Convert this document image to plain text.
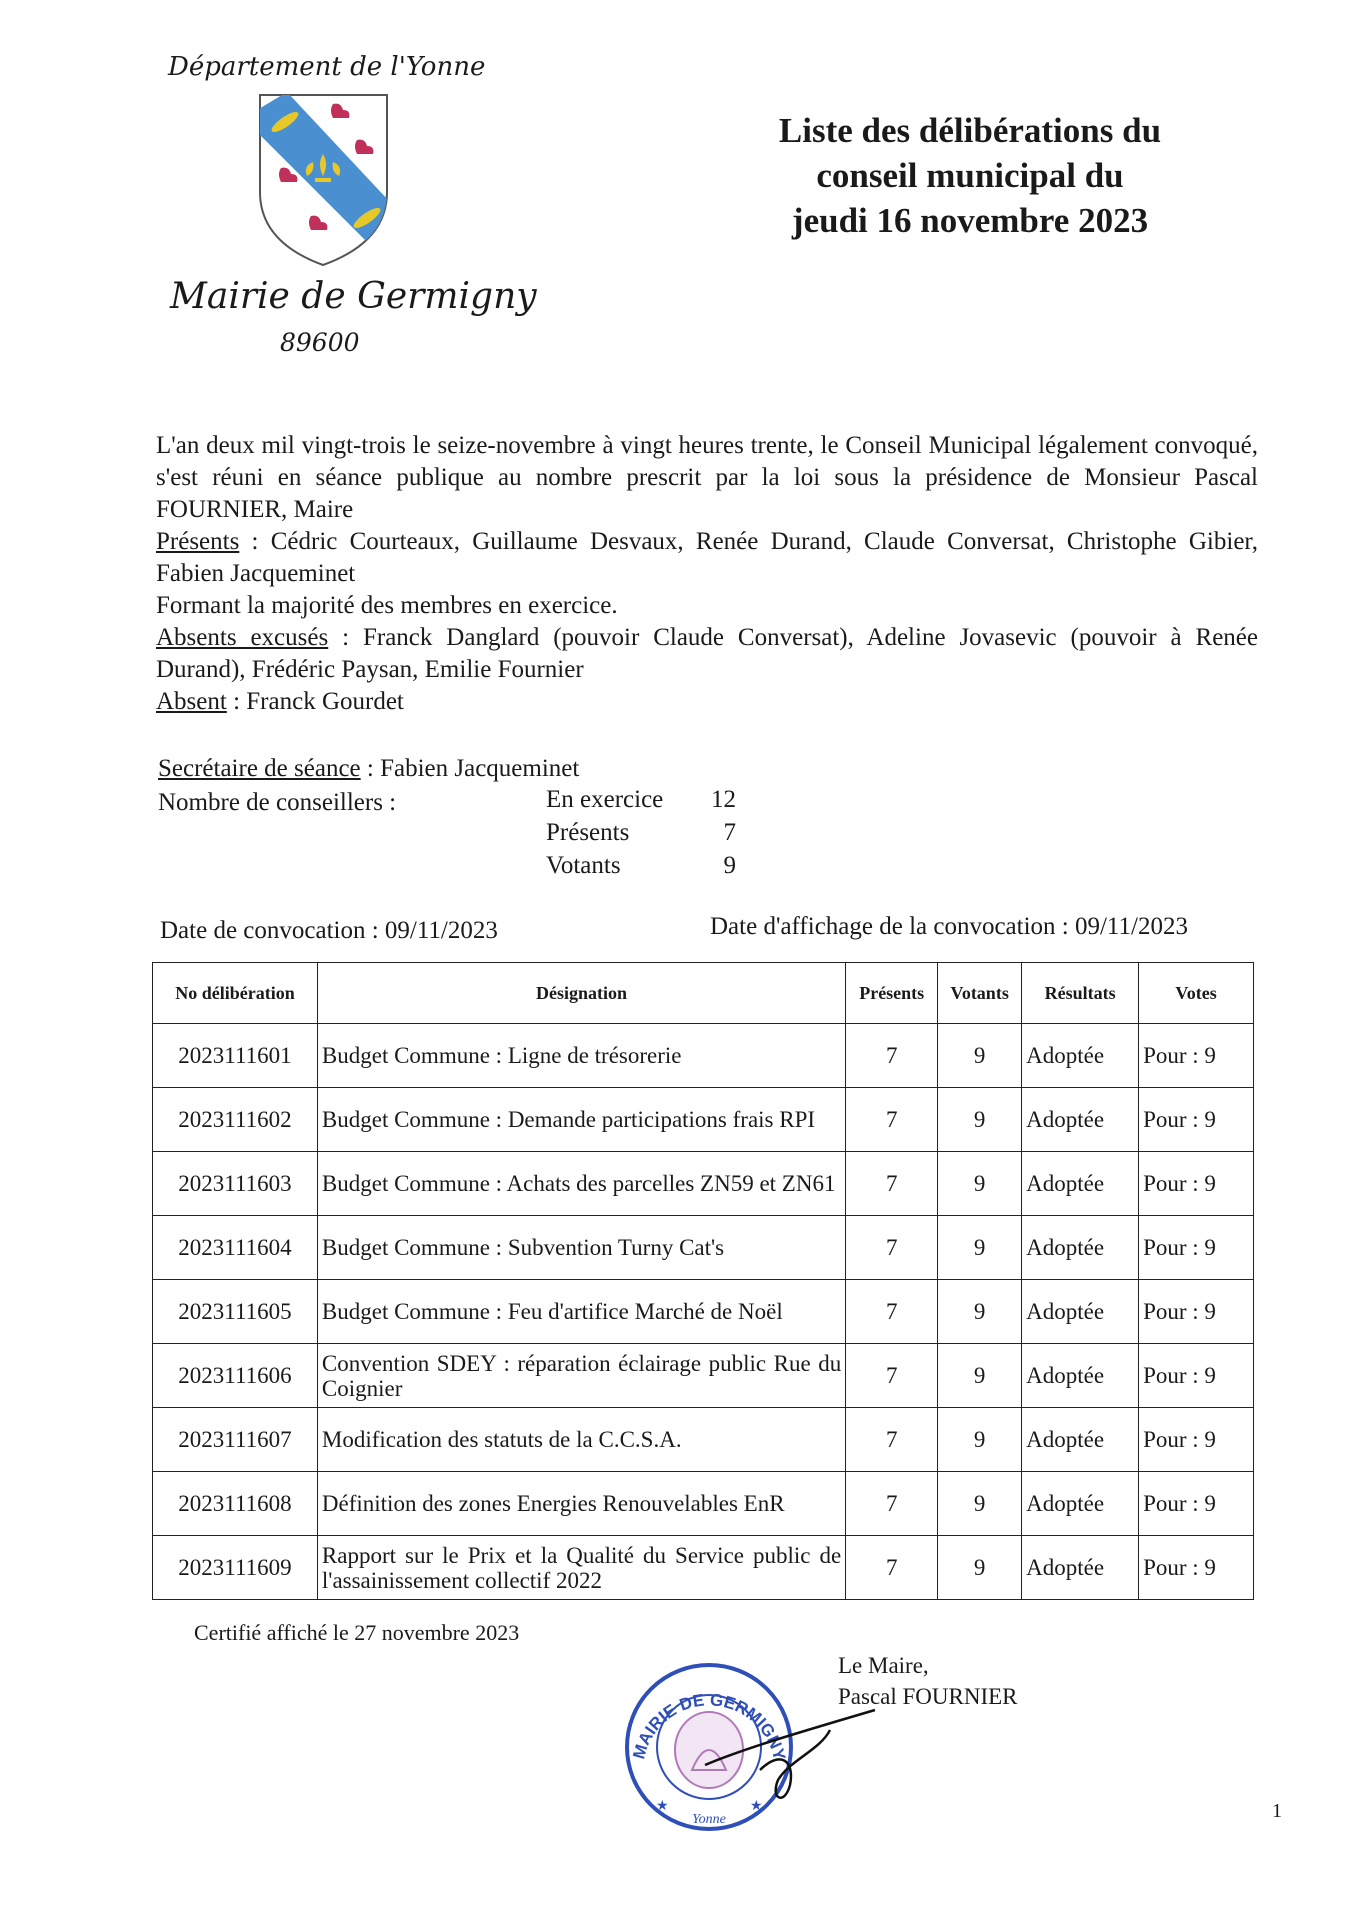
Département de l'Yonne
Mairie de Germigny
89600
Liste des délibérations du
conseil municipal du
jeudi 16 novembre 2023

L'an deux mil vingt-trois le seize-novembre à vingt heures trente, le Conseil Municipal légalement convoqué, s'est réuni en séance publique au nombre prescrit par la loi sous la présidence de Monsieur Pascal FOURNIER, Maire

Présents : Cédric Courteaux, Guillaume Desvaux, Renée Durand, Claude Conversat, Christophe Gibier, Fabien Jacqueminet

Formant la majorité des membres en exercice.

Absents excusés : Franck Danglard (pouvoir Claude Conversat), Adeline Jovasevic (pouvoir à Renée Durand), Frédéric Paysan, Emilie Fournier

Absent : Franck Gourdet

Secrétaire de séance : Fabien Jacqueminet
Nombre de conseillers :	En exercice 12
Présents	7
Votants	9
Date de convocation : 09/11/2023	Date d'affichage de la convocation : 09/11/2023
No délibération	Désignation	Présents	Votants	Résultats	Votes
2023111601	Budget Commune : Ligne de trésorerie	7	9	Adoptée	Pour : 9
2023111602	Budget Commune : Demande participations frais RPI	7	9	Adoptée	Pour : 9
2023111603	Budget Commune : Achats des parcelles ZN59 et ZN61	7	9	Adoptée	Pour : 9
2023111604	Budget Commune : Subvention Turny Cat's	7	9	Adoptée	Pour : 9
2023111605	Budget Commune : Feu d'artifice Marché de Noël	7	9	Adoptée	Pour : 9
2023111606	Convention SDEY : réparation éclairage public Rue du Coignier	7	9	Adoptée	Pour : 9
2023111607	Modification des statuts de la C.C.S.A.	7	9	Adoptée	Pour : 9
2023111608	Définition des zones Energies Renouvelables EnR	7	9	Adoptée	Pour : 9
2023111609	Rapport sur le Prix et la Qualité du Service public de l'assainissement collectif 2022	7	9	Adoptée	Pour : 9
Certifié affiché le 27 novembre 2023
Le Maire,
Pascal FOURNIER
★	★
MAIRIE DE GERMIGNY
Yonne	1
